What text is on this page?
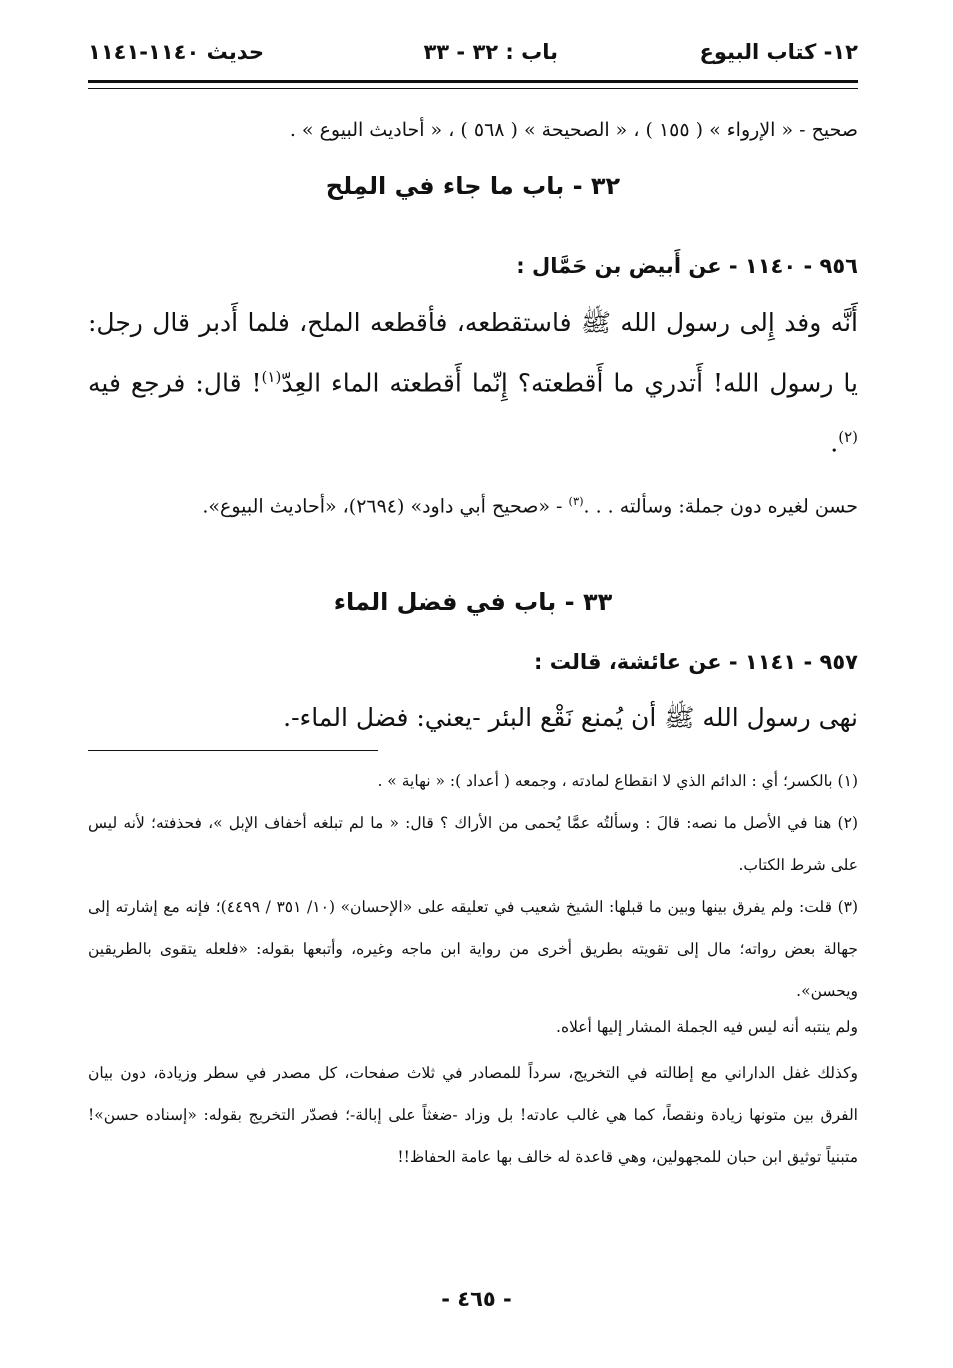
١٢- كتاب البيوع
باب : ٣٢ - ٣٣
حديث ١١٤٠-١١٤١
صحيح - « الإرواء » ( ١٥٥ ) ، « الصحيحة » ( ٥٦٨ ) ، « أحاديث البيوع » .
٣٢ - باب ما جاء في المِلح
٩٥٦ - ١١٤٠ - عن أَبيض بن حَمَّال :
أَنَّه وفد إِلى رسول الله ﷺ فاستقطعه، فأقطعه الملح، فلما أَدبر قال رجل: يا رسول الله! أَتدري ما أَقطعته؟ إِنّما أَقطعته الماء العِدّ$^{(١)}$! قال: فرجع فيه $^{(٢)}$.
حسن لغيره دون جملة: وسألته . . .$^{(٣)}$ - «صحيح أبي داود» (٢٦٩٤)، «أحاديث البيوع».
٣٣ - باب في فضل الماء
٩٥٧ - ١١٤١ - عن عائشة، قالت :
نهى رسول الله ﷺ أن يُمنع نَقْع البئر -يعني: فضل الماء-.
(١) بالكسر؛ أي : الدائم الذي لا انقطاع لمادته ، وجمعه ( أعداد ): « نهاية » .
(٢) هنا في الأصل ما نصه: قالَ : وسألتُه عمَّا يُحمى من الأراك ؟ قال: « ما لم تبلغه أخفاف الإبل »، فحذفته؛ لأنه ليس على شرط الكتاب.
(٣) قلت: ولم يفرق بينها وبين ما قبلها: الشيخ شعيب في تعليقه على «الإحسان» (١٠/ ٣٥١ / ٤٤٩٩)؛ فإنه مع إشارته إلى جهالة بعض رواته؛ مال إلى تقويته بطريق أخرى من رواية ابن ماجه وغيره، وأتبعها بقوله: «فلعله يتقوى بالطريقين ويحسن».
ولم ينتبه أنه ليس فيه الجملة المشار إليها أعلاه.
وكذلك غفل الداراني مع إطالته في التخريج، سرداً للمصادر في ثلاث صفحات، كل مصدر في سطر وزيادة، دون بيان الفرق بين متونها زيادة ونقصاً، كما هي غالب عادته! بل وزاد -ضغثاً على إبالة-؛ فصدّر التخريج بقوله: «إسناده حسن»! متبنياً توثيق ابن حبان للمجهولين، وهي قاعدة له خالف بها عامة الحفاظ!!
- ٤٦٥ -
